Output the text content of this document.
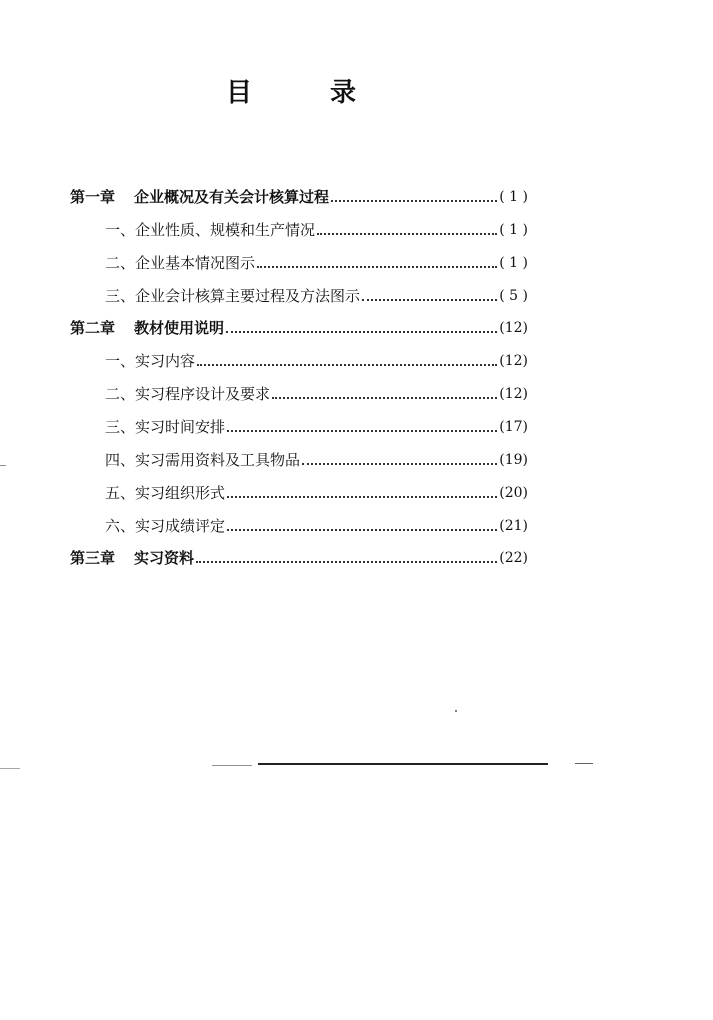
目	录
第一章	企业概况及有关会计核算过程	( 1 )
一、 企业性质、规模和生产情况	( 1 )
二、 企业基本情况图示	( 1 )
三、 企业会计核算主要过程及方法图示	( 5 )
第二章	教材使用说明	(12)
一、 实习内容	(12)
二、 实习程序设计及要求	(12)
三、 实习时间安排	(17)
四、 实习需用资料及工具物品	(19)
五、 实习组织形式	(20)
六、 实习成绩评定	(21)
第三章	实习资料	(22)
